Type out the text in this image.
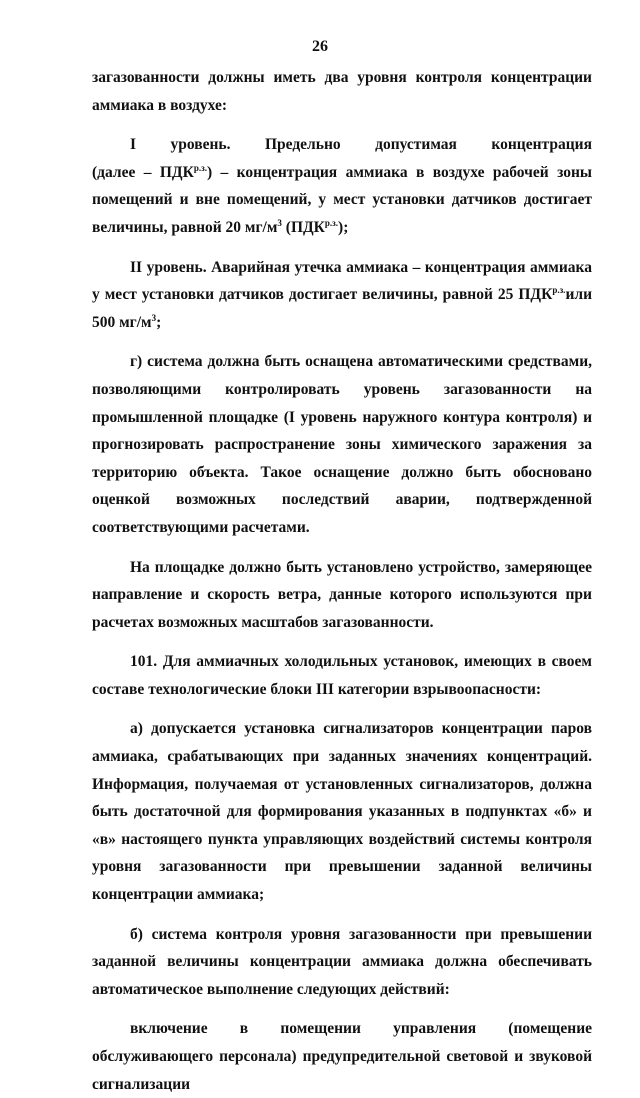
26

загазованности должны иметь два уровня контроля концентрации аммиака в воздухе:

I уровень. Предельно допустимая концентрация

(далее – $ПДК^{р.з.}$) – концентрация аммиака в воздухе рабочей зоны помещений и вне помещений, у мест установки датчиков достигает величины, равной 20 $мг/м^3$ $(ПДК^{р.з.})$;

II уровень. Аварийная утечка аммиака – концентрация аммиака у мест установки датчиков достигает величины, равной 25 $ПДК^{р.з.}или$ 500 $мг/м^3$;

г) система должна быть оснащена автоматическими средствами, позволяющими контролировать уровень загазованности на промышленной площадке (I уровень наружного контура контроля) и прогнозировать распространение зоны химического заражения за территорию объекта. Такое оснащение должно быть обосновано оценкой возможных последствий аварии, подтвержденной соответствующими расчетами.

На площадке должно быть установлено устройство, замеряющее направление и скорость ветра, данные которого используются при расчетах возможных масштабов загазованности.

101. Для аммиачных холодильных установок, имеющих в своем составе технологические блоки III категории взрывоопасности:

а) допускается установка сигнализаторов концентрации паров аммиака, срабатывающих при заданных значениях концентраций. Информация, получаемая от установленных сигнализаторов, должна быть достаточной для формирования указанных в подпунктах «б» и «в» настоящего пункта управляющих воздействий системы контроля уровня загазованности при превышении заданной величины концентрации аммиака;

б) система контроля уровня загазованности при превышении заданной величины концентрации аммиака должна обеспечивать автоматическое выполнение следующих действий:

включение в помещении управления (помещение обслуживающего персонала) предупредительной световой и звуковой сигнализации
